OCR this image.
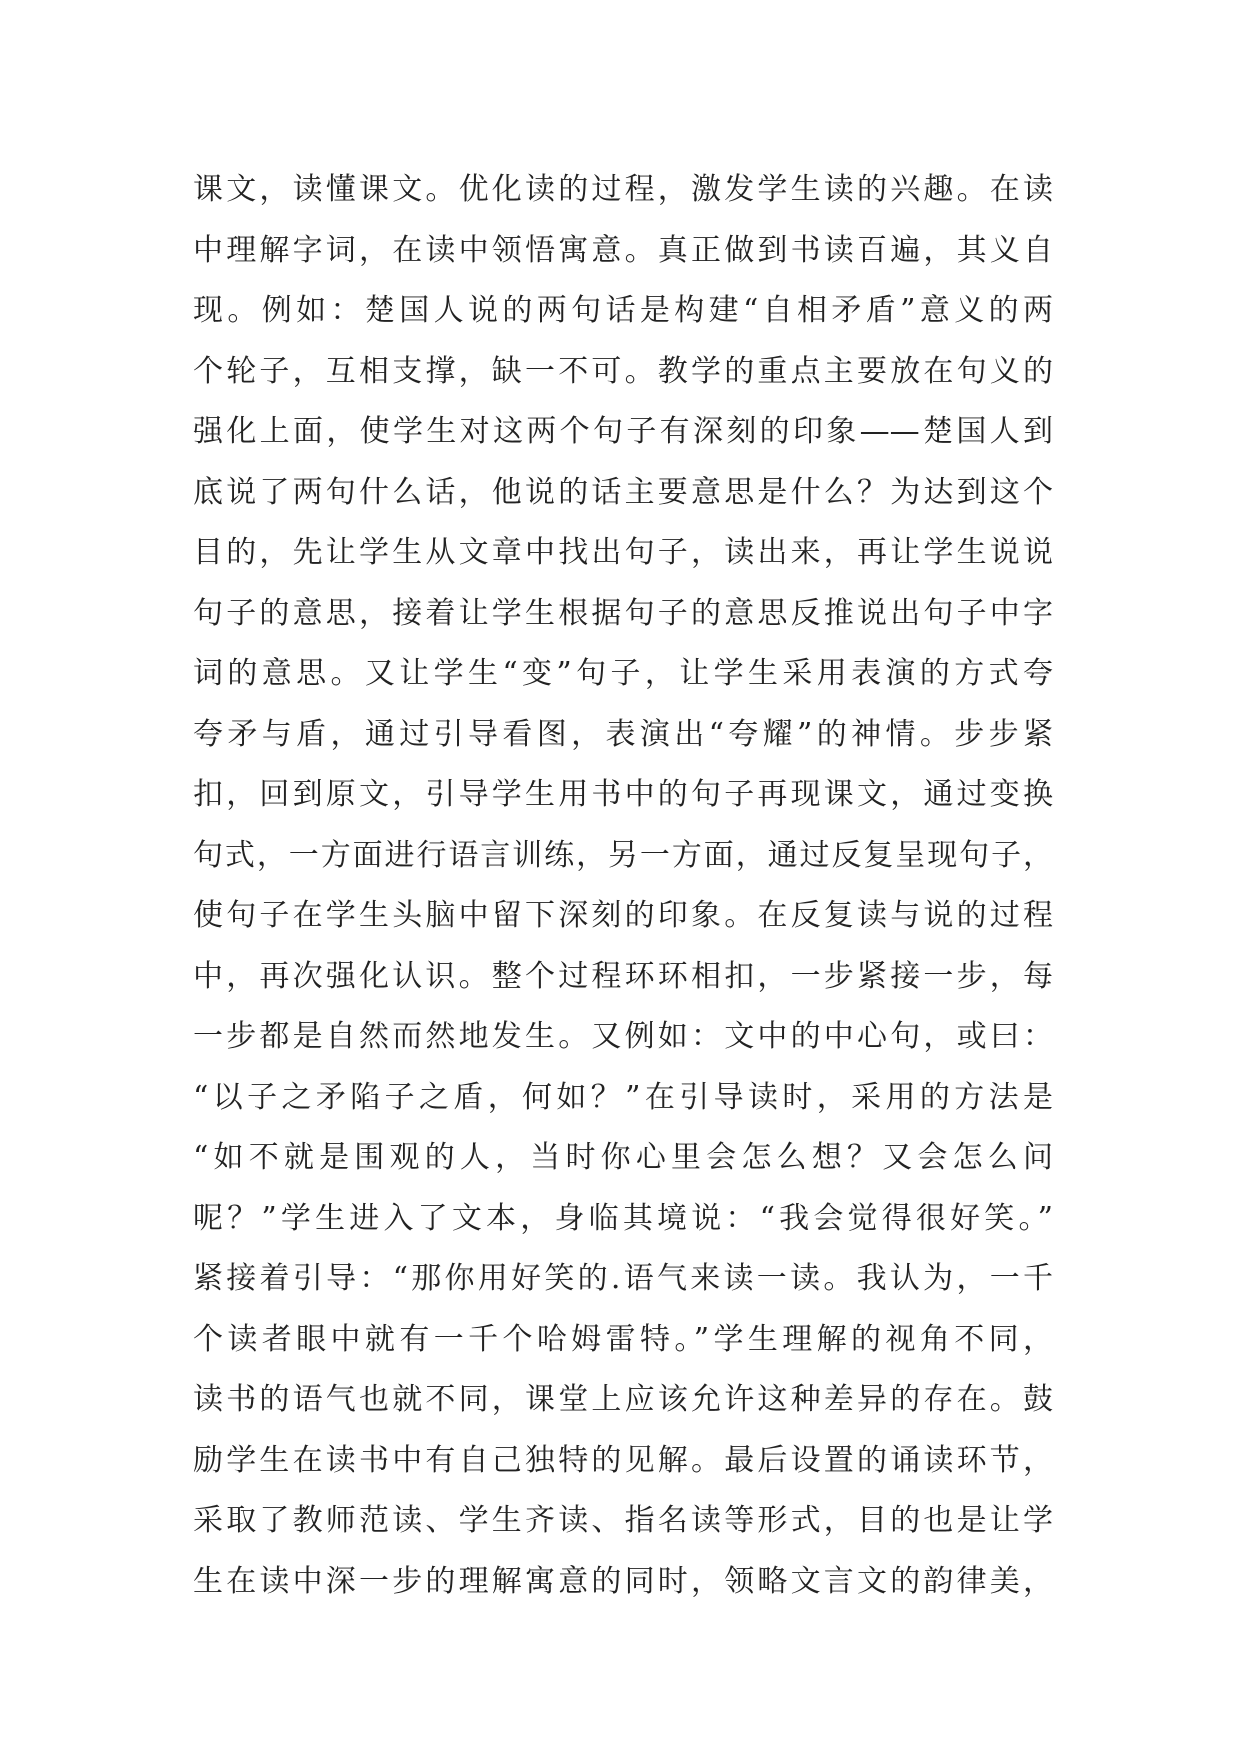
课文，读懂课文。优化读的过程，激发学生读的兴趣。在读
中理解字词，在读中领悟寓意。真正做到书读百遍，其义自
现。例如：楚国人说的两句话是构建“自相矛盾”意义的两
个轮子，互相支撑，缺一不可。教学的重点主要放在句义的
强化上面，使学生对这两个句子有深刻的印象——楚国人到
底说了两句什么话，他说的话主要意思是什么？为达到这个
目的，先让学生从文章中找出句子，读出来，再让学生说说
句子的意思，接着让学生根据句子的意思反推说出句子中字
词的意思。又让学生“变”句子，让学生采用表演的方式夸
夸矛与盾，通过引导看图，表演出“夸耀”的神情。步步紧
扣，回到原文，引导学生用书中的句子再现课文，通过变换
句式，一方面进行语言训练，另一方面，通过反复呈现句子，
使句子在学生头脑中留下深刻的印象。在反复读与说的过程
中，再次强化认识。整个过程环环相扣，一步紧接一步，每
一步都是自然而然地发生。又例如：文中的中心句，或曰：
“以子之矛陷子之盾，何如？”在引导读时，采用的方法是
“如不就是围观的人，当时你心里会怎么想？又会怎么问
呢？”学生进入了文本，身临其境说：“我会觉得很好笑。”
紧接着引导：“那你用好笑的.语气来读一读。我认为，一千
个读者眼中就有一千个哈姆雷特。”学生理解的视角不同，
读书的语气也就不同，课堂上应该允许这种差异的存在。鼓
励学生在读书中有自己独特的见解。最后设置的诵读环节，
采取了教师范读、学生齐读、指名读等形式，目的也是让学
生在读中深一步的理解寓意的同时，领略文言文的韵律美，
